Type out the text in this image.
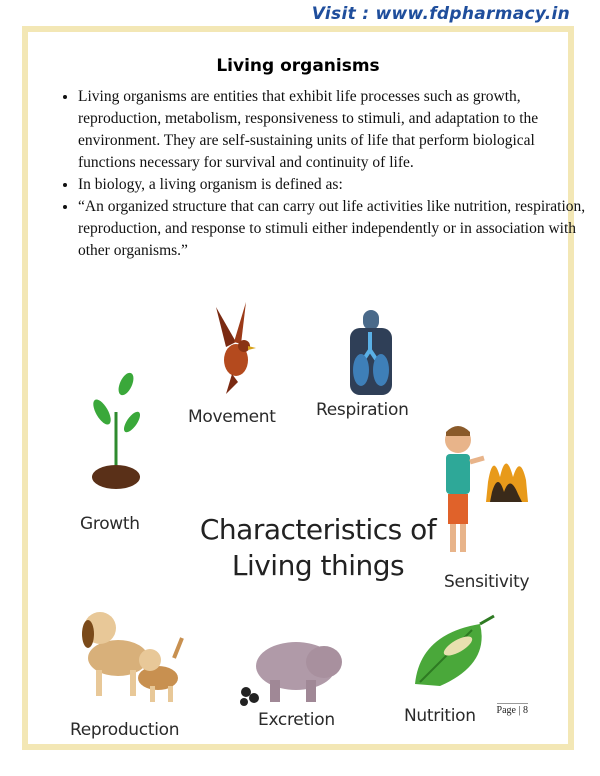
Visit : www.fdpharmacy.in
Living organisms
• Living organisms are entities that exhibit life processes such as growth, reproduction, metabolism, responsiveness to stimuli, and adaptation to the environment. They are self-sustaining units of life that perform biological functions necessary for survival and continuity of life.
• In biology, a living organism is defined as:
• “An organized structure that can carry out life activities like nutrition, respiration, reproduction, and response to stimuli either independently or in association with other organisms.”
Movement Respiration
Growth
Sensitivity
Characteristics of
Living things
Reproduction	Excretion	Nutrition Page | 8
